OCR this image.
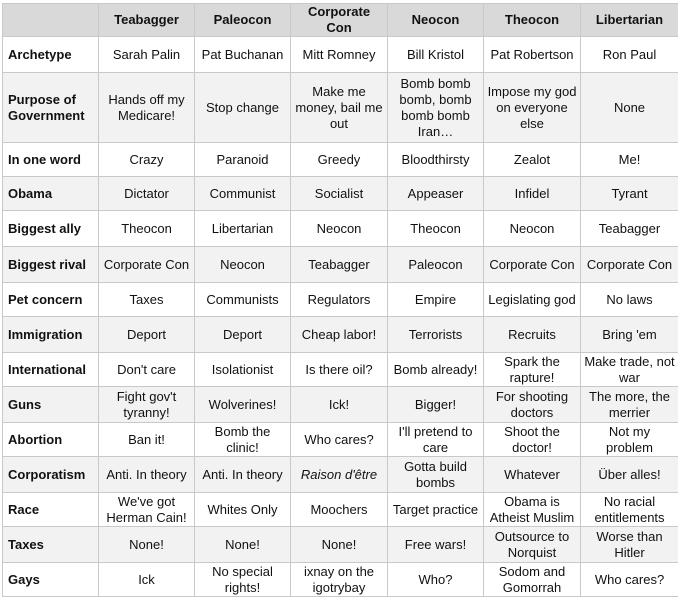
	Teabagger	Paleocon	Corporate Con	Neocon	Theocon	Libertarian
Archetype	Sarah Palin	Pat Buchanan	Mitt Romney	Bill Kristol	Pat Robertson	Ron Paul
Purpose of Government	Hands off my Medicare!	Stop change	Make me money, bail me out	Bomb bomb bomb, bomb bomb bomb Iran…	Impose my god on everyone else	None
In one word	Crazy	Paranoid	Greedy	Bloodthirsty	Zealot	Me!
Obama	Dictator	Communist	Socialist	Appeaser	Infidel	Tyrant
Biggest ally	Theocon	Libertarian	Neocon	Theocon	Neocon	Teabagger
Biggest rival	Corporate Con	Neocon	Teabagger	Paleocon	Corporate Con	Corporate Con
Pet concern	Taxes	Communists	Regulators	Empire	Legislating god	No laws
Immigration	Deport	Deport	Cheap labor!	Terrorists	Recruits	Bring 'em
International	Don't care	Isolationist	Is there oil?	Bomb already!	Spark the rapture!	Make trade, not war
Guns	Fight gov't tyranny!	Wolverines!	Ick!	Bigger!	For shooting doctors	The more, the merrier
Abortion	Ban it!	Bomb the clinic!	Who cares?	I'll pretend to care	Shoot the doctor!	Not my problem
Corporatism	Anti. In theory	Anti. In theory	Raison d'être	Gotta build bombs	Whatever	Über alles!
Race	We've got Herman Cain!	Whites Only	Moochers	Target practice	Obama is Atheist Muslim	No racial entitlements
Taxes	None!	None!	None!	Free wars!	Outsource to Norquist	Worse than Hitler
Gays	Ick	No special rights!	ixnay on the igotrybay	Who?	Sodom and Gomorrah	Who cares?
